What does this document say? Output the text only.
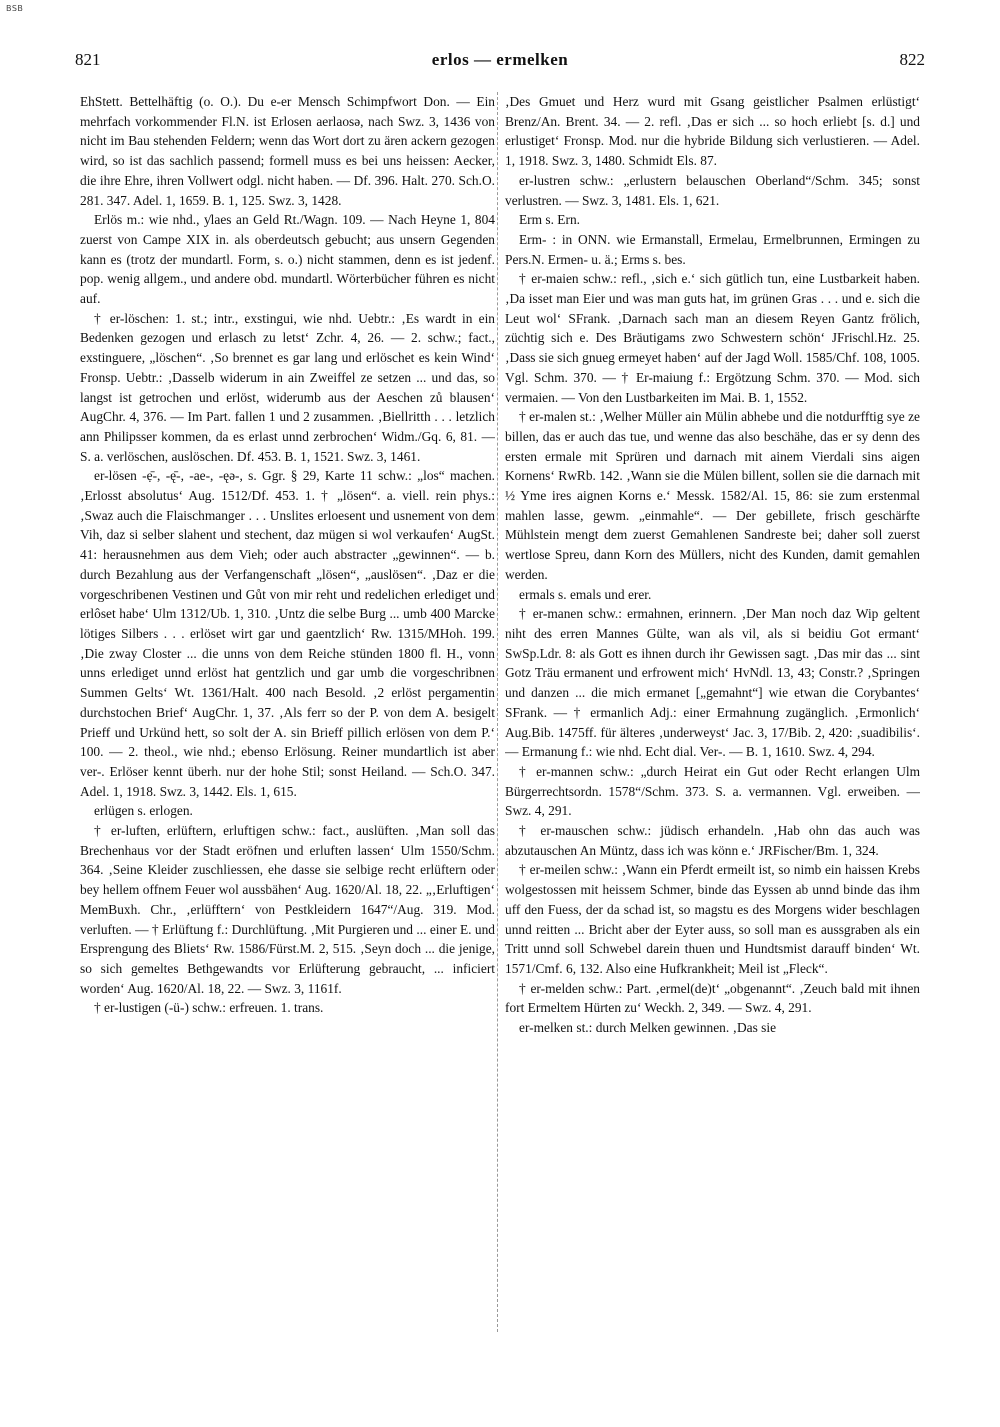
BSB
821	erlos — ermelken	822

EhStett. Bettelhäftig (o. O.). Du e-er Mensch Schimpfwort Don. — Ein mehrfach vorkommender Fl.N. ist Erlosen aerlaosə, nach Swz. 3, 1436 von nicht im Bau stehenden Feldern; wenn das Wort dort zu ären ackern gezogen wird, so ist das sachlich passend; formell muss es bei uns heissen: Aecker, die ihre Ehre, ihren Vollwert odgl. nicht haben. — Df. 396. Halt. 270. Sch.O. 281. 347. Adel. 1, 1659. B. 1, 125. Swz. 3, 1428.

Erlös m.: wie nhd., ƴlaes an Geld Rt./Wagn. 109. — Nach Heyne 1, 804 zuerst von Campe XIX in. als oberdeutsch gebucht; aus unsern Gegenden kann es (trotz der mundartl. Form, s. o.) nicht stammen, denn es ist jedenf. pop. wenig allgem., und andere obd. mundartl. Wörterbücher führen es nicht auf.

† er-löschen: 1. st.; intr., exstingui, wie nhd. Uebtr.: ‚Es wardt in ein Bedenken gezogen und erlasch zu letst‘ Zchr. 4, 26. — 2. schw.; fact., exstinguere, „löschen“. ‚So brennet es gar lang und erlöschet es kein Wind‘ Fronsp. Uebtr.: ‚Dasselb widerum in ain Zweiffel ze setzen ... und das, so langst ist getrochen und erlöst, widerumb aus der Aeschen zů blausen‘ AugChr. 4, 376. — Im Part. fallen 1 und 2 zusammen. ‚Biellritth . . . letzlich ann Philipsser kommen, da es erlast unnd zerbrochen‘ Widm./Gq. 6, 81. — S. a. verlöschen, auslöschen. Df. 453. B. 1, 1521. Swz. 3, 1461.

er-lösen -ẹ̄-, -ę̄-, -ae-, -ęə-, s. Ggr. § 29, Karte 11 schw.: „los“ machen. ‚Erlosst absolutus‘ Aug. 1512/Df. 453. 1. † „lösen“. a. viell. rein phys.: ‚Swaz auch die Flaischmanger . . . Unslites erloesent und usnement von dem Vih, daz si selber slahent und stechent, daz mügen si wol verkaufen‘ AugSt. 41: herausnehmen aus dem Vieh; oder auch abstracter „gewinnen“. — b. durch Bezahlung aus der Verfangenschaft „lösen“, „auslösen“. ‚Daz er die vorgeschribenen Vestinen und Gůt von mir reht und redelichen erlediget und erlôset habe‘ Ulm 1312/Ub. 1, 310. ‚Untz die selbe Burg ... umb 400 Marcke lötiges Silbers . . . erlöset wirt gar und gaentzlich‘ Rw. 1315/MHoh. 199. ‚Die zway Closter ... die unns von dem Reiche stünden 1800 fl. H., vonn unns erlediget unnd erlöst hat gentzlich und gar umb die vorgeschribnen Summen Gelts‘ Wt. 1361/Halt. 400 nach Besold. ‚2 erlöst pergamentin durchstochen Brief‘ AugChr. 1, 37. ‚Als ferr so der P. von dem A. besigelt Prieff und Urkünd hett, so solt der A. sin Brieff pillich erlösen von dem P.‘ 100. — 2. theol., wie nhd.; ebenso Erlösung. Reiner mundartlich ist aber ver-. Erlöser kennt überh. nur der hohe Stil; sonst Heiland. — Sch.O. 347. Adel. 1, 1918. Swz. 3, 1442. Els. 1, 615.

erlügen s. erlogen.

† er-luften, erlüftern, erluftigen schw.: fact., auslüften. ‚Man soll das Brechenhaus vor der Stadt eröfnen und erluften lassen‘ Ulm 1550/Schm. 364. ‚Seine Kleider zuschliessen, ehe dasse sie selbige recht erlüftern oder bey hellem offnem Feuer wol aussbähen‘ Aug. 1620/Al. 18, 22. „‚Erluftigen‘ MemBuxh. Chr., ‚erlüfftern‘ von Pestkleidern 1647“/Aug. 319. Mod. verluften. — † Erlüftung f.: Durchlüftung. ‚Mit Purgieren und ... einer E. und Ersprengung des Bliets‘ Rw. 1586/Fürst.M. 2, 515. ‚Seyn doch ... die jenige, so sich gemeltes Bethgewandts vor Erlüfterung gebraucht, ... inficiert worden‘ Aug. 1620/Al. 18, 22. — Swz. 3, 1161f.

† er-lustigen (-ü-) schw.: erfreuen. 1. trans.

‚Des Gmuet und Herz wurd mit Gsang geistlicher Psalmen erlüstigt‘ Brenz/An. Brent. 34. — 2. refl. ‚Das er sich ... so hoch erliebt [s. d.] und erlustiget‘ Fronsp. Mod. nur die hybride Bildung sich verlustieren. — Adel. 1, 1918. Swz. 3, 1480. Schmidt Els. 87.

er-lustren schw.: „erlustern belauschen Oberland“/Schm. 345; sonst verlustren. — Swz. 3, 1481. Els. 1, 621.

Erm s. Ern.

Erm- : in ONN. wie Ermanstall, Ermelau, Ermelbrunnen, Ermingen zu Pers.N. Ermen- u. ä.; Erms s. bes.

† er-maien schw.: refl., ‚sich e.‘ sich gütlich tun, eine Lustbarkeit haben. ‚Da isset man Eier und was man guts hat, im grünen Gras . . . und e. sich die Leut wol‘ SFrank. ‚Darnach sach man an diesem Reyen Gantz frölich, züchtig sich e. Des Bräutigams zwo Schwestern schön‘ JFrischl.Hz. 25. ‚Dass sie sich gnueg ermeyet haben‘ auf der Jagd Woll. 1585/Chf. 108, 1005. Vgl. Schm. 370. — † Er-maiung f.: Ergötzung Schm. 370. — Mod. sich vermaien. — Von den Lustbarkeiten im Mai. B. 1, 1552.

† er-malen st.: ‚Welher Müller ain Mülin abhebe und die notdurfftig sye ze billen, das er auch das tue, und wenne das also beschähe, das er sy denn des ersten ermale mit Sprüren und darnach mit ainem Vierdali sins aigen Kornens‘ RwRb. 142. ‚Wann sie die Mülen billent, sollen sie die darnach mit ½ Yme ires aignen Korns e.‘ Messk. 1582/Al. 15, 86: sie zum erstenmal mahlen lasse, gewm. „einmahle“. — Der gebillete, frisch geschärfte Mühlstein mengt dem zuerst Gemahlenen Sandreste bei; daher soll zuerst wertlose Spreu, dann Korn des Müllers, nicht des Kunden, damit gemahlen werden.

ermals s. emals und erer.

† er-manen schw.: ermahnen, erinnern. ‚Der Man noch daz Wip geltent niht des erren Mannes Gülte, wan als vil, als si beidiu Got ermant‘ SwSp.Ldr. 8: als Gott es ihnen durch ihr Gewissen sagt. ‚Das mir das ... sint Gotz Träu ermanent und erfrowent mich‘ HvNdl. 13, 43; Constr.? ‚Springen und danzen ... die mich ermanet [„gemahnt“] wie etwan die Corybantes‘ SFrank. — † ermanlich Adj.: einer Ermahnung zugänglich. ‚Ermonlich‘ Aug.Bib. 1475ff. für älteres ‚underweyst‘ Jac. 3, 17/Bib. 2, 420: ‚suadibilis‘. — Ermanung f.: wie nhd. Echt dial. Ver-. — B. 1, 1610. Swz. 4, 294.

† er-mannen schw.: „durch Heirat ein Gut oder Recht erlangen Ulm Bürgerrechtsordn. 1578“/Schm. 373. S. a. vermannen. Vgl. erweiben. — Swz. 4, 291.

† er-mauschen schw.: jüdisch erhandeln. ‚Hab ohn das auch was abzutauschen An Müntz, dass ich was könn e.‘ JRFischer/Bm. 1, 324.

† er-meilen schw.: ‚Wann ein Pferdt ermeilt ist, so nimb ein haissen Krebs wolgestossen mit heissem Schmer, binde das Eyssen ab unnd binde das ihm uff den Fuess, der da schad ist, so magstu es des Morgens wider beschlagen unnd reitten ... Bricht aber der Eyter auss, so soll man es aussgraben als ein Tritt unnd soll Schwebel darein thuen und Hundtsmist darauff binden‘ Wt. 1571/Cmf. 6, 132. Also eine Hufkrankheit; Meil ist „Fleck“.

† er-melden schw.: Part. ‚ermel(de)t‘ „obgenannt“. ‚Zeuch bald mit ihnen fort Ermeltem Hürten zu‘ Weckh. 2, 349. — Swz. 4, 291.

er-melken st.: durch Melken gewinnen. ‚Das sie
